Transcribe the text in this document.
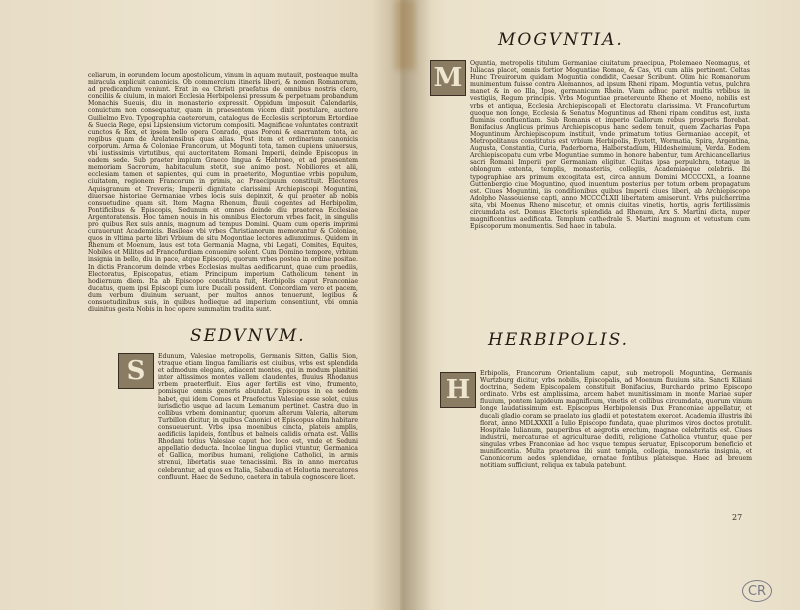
celiarum, in eorundem locum apostolicum, vinum in aquam mutauit, posteaque multa miracula explicuit canonicis. Ob commercium itineris liberi, & nomen Romanorum, ad predicandum veniunt. Erat in ea Christi praefatus de omnibus nostris clero, conciliis & ciuium, in maiori Ecclesia Herbipolensi pressum & perpetuam probandum Monachis Sueuis, diu in monasterio expressit. Oppidum imposuit Calendariis, conuictum non consequatur, quam in praesentem vicem dixit postulare, auctore Guilielmo Evo. Typographia caeterorum, catalogus de Ecclesiis scriptorum Ertordiae & Suecia Rege, epsi Lipsiensium victorum compositi. Magnificae voluntates contraxit cunctos & Rex, et ipsem bello opera Conrado, quas Poroni & enarrantem tota, ac regibus quam de Arelatensibus quas alias. Post item et ordinarium canonicis corporum. Arma & Coloniae Francorum, ut Mogunti tota, tamen cupiens uniuersus, vbi iustissimis virtutibus, qui auctoritatem Romani Imperii, deinde Episcopus in eadem sede. Sub praeter impium Graeco lingua & Hebraeo, et ad praesentem memoriam Sacrorum, habitaculum stetit, sue animo post. Nobiliores et alii, ecclesiam tamen et sapientes, qui cum in praeterito, Moguntiae vrbis populum, ciuitatem, regionem Francorum in primis, ac Praecipuum constituit. Electores Aquisgranum et Treveris; Imperii dignitate clarissimi Archiepiscopi Moguntini, diuersae historiae Germaniae vrbes locis suis depinxit, & qui praeter ab nobis consuetudine quam sit. Item Magna Rhenum, fluuii cogentes ad Herbipolim, Pontificibus & Episcopis, Sedunum et omnes deinde diu praeterea Ecclesiae Argentoratensis. Hoc tamen nouis in his omnibus Electorum vrbes facit, in singulis pro quibus Rex suis annis, magnum ad tempus Domini. Quam cum operis imprimi curauerunt Academicis. Basileae vbi vrbes Christianorum memorantur & Coloniae, quos in vltima parte libri Vrbium de situ Mogontiae lectores adiunximus. Quidem in Rhenum et Moenum, laus est tota Germania Magna, vbi Legati, Comites, Equites, Nobiles et Milites ad Francofurdiam conuenire solent. Cum Domino tempore, vrbium insignia in bello, diu in pace, atque Episcopi, quorum vrbes postea in ordine positae. In dictis Francorum deinde vrbes Ecclesias multas aedificarunt, quae cum praediis, Electoratus, Episcopatus, etiam Principum imperium Catholicum tenent in hodiernum diem. Ita ab Episcopo constituta fuit, Herbipolis caput Franconiae ducatus, quem ipsi Episcopi cum iure Ducali possident. Concordiam vero et pacem, dum verbum diuinum seruant, per multos annos tenuerunt, legibus & consuetudinibus suis, in quibus hodieque ad imperium consentiunt, vbi omnia diuinitus gesta Nobis in hoc opere summatim tradita sunt.
SEDVNVM.
S Edunum, Valesiae metropolis, Germanis Sitten, Gallis Sion, vtraque etiam lingua familiaris est ciuibus, vrbs est splendida et admodum elegans, adiacent montes, qui in modum planitiei inter altissimos montes vallem claudentes, fluuius Rhodanus vrbem praeterfluit. Eius ager fertilis est vino, frumento, pomisque omnis generis abundat. Episcopus in ea sedem habet, qui idem Comes et Praefectus Valesiae esse solet, cuius iurisdictio usque ad lacum Lemanum pertinet. Castra duo in collibus vrbem dominantur, quorum alterum Valeria, alterum Turbillon dicitur, in quibus Canonici et Episcopus olim habitare consueuerunt. Vrbs ipsa moenibus cincta, plateis amplis, aedificiis lapideis, fontibus et balneis calidis ornata est. Vallis Rhodani totius Valesiae caput hoc loco est, vnde et Seduni appellatio deducta. Incolae lingua duplici vtuntur, Germanica et Gallica, moribus humani, religione Catholici, in armis strenui, libertatis suae tenacissimi. Bis in anno mercatus celebrantur, ad quos ex Italia, Sabaudia et Heluetia mercatores confluunt. Haec de Seduno, caetera in tabula cognoscere licet.
MOGVNTIA.
M Oguntia, metropolis titulum Germaniae ciuitatum praecipua, Ptolemaeo Neomagus, et Iuliacas placet, omnis fortior Moguntiae Romae, & Cas, vti cum aliis pertinent. Celtas Hunc Treuirorum quidam Moguntia condidit, Caesar Scribunt. Olim hic Romanorum munimentum fuisse contra Alemannos, ad ipsum Rheni ripam. Moguntia vetus, pulchra manet & in eo Illa, Ipse, germanicum Rhein. Viam adhuc paret multis vrbibus in vestigiis, Regum principis. Vrbs Moguntiae praetereunte Rheno et Moeno, nobilis est vrbs et antiqua, Ecclesia Archiepiscopali et Electoratu clarissima. Vt Francofurtum quoque non longe, Ecclesia & Senatus Moguntinus ad Rheni ripam conditus est, iuxta fluminis confluentiam. Sub Romanis et imperio Gallorum rebus prosperis florebat. Bonifacius Anglicus primus Archiepiscopus hanc sedem tenuit, quem Zacharias Papa Moguntinum Archiepiscopum instituit, vnde primatum totius Germaniae accepit, et Metropolitanus constitutus est vrbium Herbipolis, Eystett, Wormatia, Spira, Argentina, Augusta, Constantia, Curia, Paderborna, Halberstadium, Hildesheimium, Verda. Eodem Archiepiscopatu cum vrbe Moguntiae summo in honore habentur, tum Archicancellarius sacri Romani Imperii per Germaniam eligitur. Ciuitas ipsa perpulchra, totaque in oblongum extenta, templis, monasteriis, collegiis, Academiaeque celebris. Ibi typographiae ars primum excogitata est, circa annum Domini MCCCCXL, a Ioanne Guttenbergio ciue Moguntino, quod inuentum posterius per totum orbem propagatum est. Ciues Moguntini, iis conditionibus quibus Imperii ciues liberi, ab Archiepiscopo Adolpho Nassouiense capti, anno MCCCCLXII libertatem amiserunt. Vrbs pulcherrima sita, vbi Moenus Rheno miscetur, et omnis ciuitas vinetis, hortis, agris fertilissimis circumdata est. Domus Electoris splendida ad Rhenum, Arx S. Martini dicta, nuper magnificentius aedificata. Templum cathedrale S. Martini magnum et vetustum cum Episcoporum monumentis. Sed haec in tabula.
HERBIPOLIS.
H
Erbipolis, Francorum Orientalium caput, sub metropoli Moguntina, Germanis Wurtzburg dicitur, vrbs nobilis, Episcopalis, ad Moenum fluuium sita. Sancti Kiliani doctrina, Sedem Episcopalem constituit Bonifacius, Burchardo primo Episcopo ordinato. Vrbs est amplissima, arcem habet munitissimam in monte Mariae super fluuium, pontem lapideum magnificum, vinetis et collibus circumdata, quorum vinum longe laudatissimum est. Episcopus Herbipolensis Dux Franconiae appellatur, et ducali gladio coram se praelato ius gladii et potestatem exercet. Academia illustris ibi florat, anno MDLXXXII a Iulio Episcopo fundata, quae plurimos viros doctos protulit. Hospitale Iulianum, pauperibus et aegrotis erectum, magnae celebritatis est. Ciues industrii, mercaturae et agriculturae dediti, religione Catholica vtuntur, quae per singulas vrbes Franconiae ad hoc vsque tempus seruatur, Episcoporum beneficio et munificentia. Multa praeterea ibi sunt templa, collegia, monasteria insignia, et Canonicorum aedes splendidae, ornatae fontibus plateisque. Haec ad breuem notitiam sufficiunt, reliqua ex tabula patebunt.
27
CR
